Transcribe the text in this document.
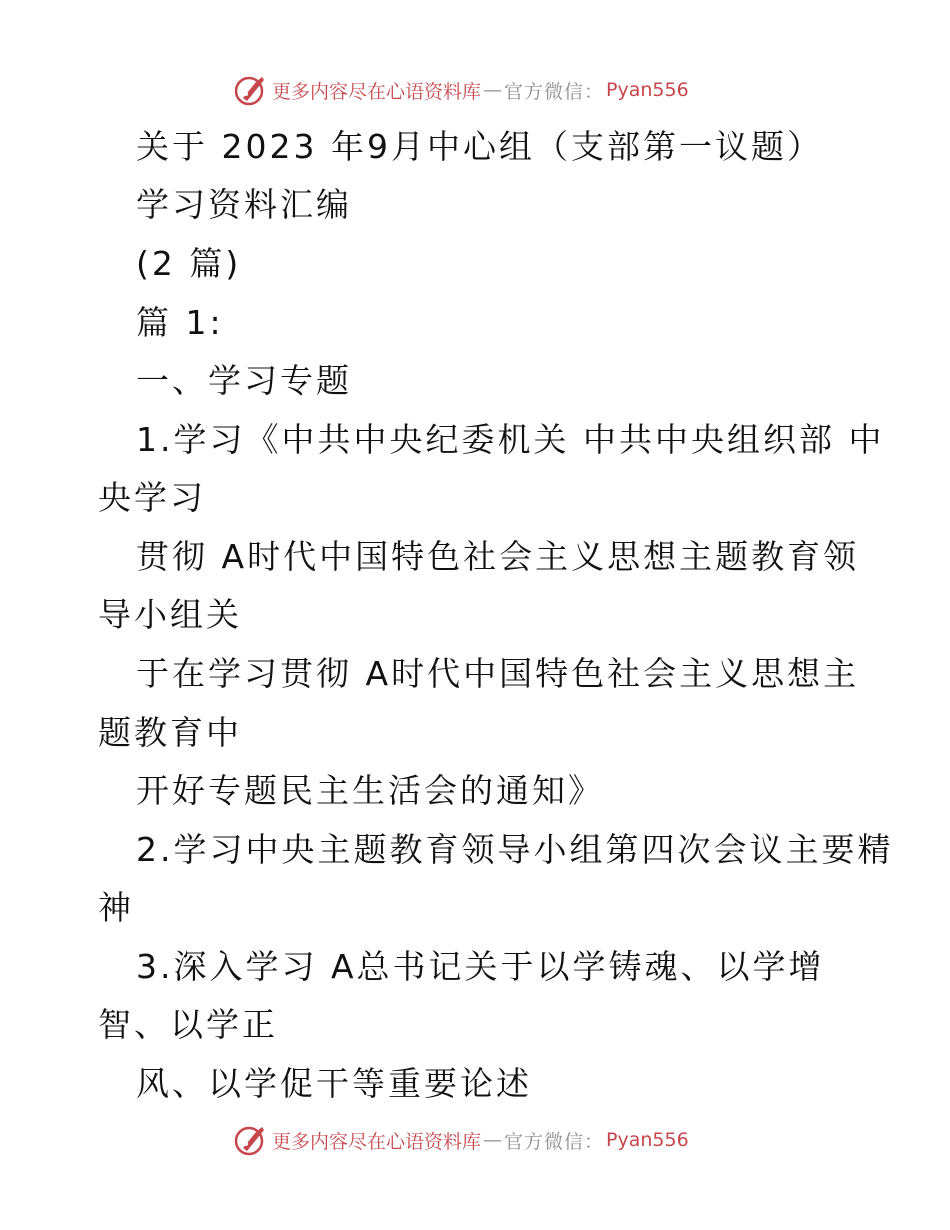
更多内容尽在心语资料库 — 官方微信： Pyan556
关于 2023 年9月中心组（支部第一议题）
学习资料汇编
(2 篇)
篇 1:
一、学习专题
1.学习《中共中央纪委机关 中共中央组织部 中
央学习
贯彻 A时代中国特色社会主义思想主题教育领
导小组关
于在学习贯彻 A时代中国特色社会主义思想主
题教育中
开好专题民主生活会的通知》
2.学习中央主题教育领导小组第四次会议主要精
神
3.深入学习 A总书记关于以学铸魂、以学增
智、以学正
风、以学促干等重要论述
更多内容尽在心语资料库 — 官方微信： Pyan556
